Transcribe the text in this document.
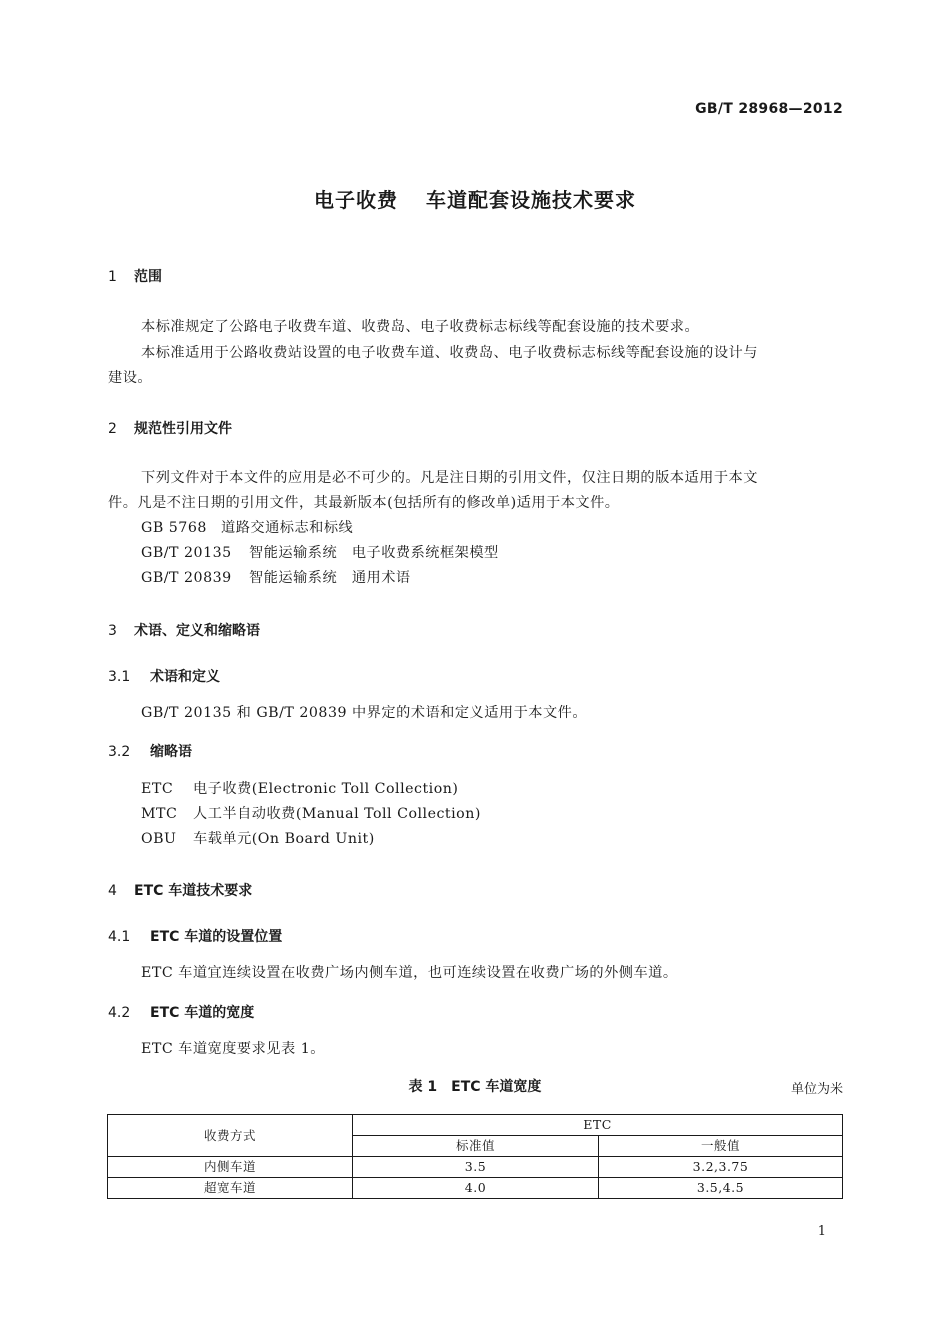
GB/T 28968—2012
电子收费 车道配套设施技术要求
1 范围
本标准规定了公路电子收费车道、收费岛、电子收费标志标线等配套设施的技术要求。
本标准适用于公路收费站设置的电子收费车道、收费岛、电子收费标志标线等配套设施的设计与
建设。
2 规范性引用文件
下列文件对于本文件的应用是必不可少的。凡是注日期的引用文件，仅注日期的版本适用于本文
件。凡是不注日期的引用文件，其最新版本(包括所有的修改单)适用于本文件。
GB 5768 道路交通标志和标线
GB/T 20135 智能运输系统　电子收费系统框架模型
GB/T 20839 智能运输系统　通用术语
3 术语、定义和缩略语
3.1 术语和定义
GB/T 20135 和 GB/T 20839 中界定的术语和定义适用于本文件。
3.2 缩略语
ETC 电子收费(Electronic Toll Collection)
MTC 人工半自动收费(Manual Toll Collection)
OBU 车载单元(On Board Unit)
4 ETC 车道技术要求
4.1 ETC 车道的设置位置
ETC 车道宜连续设置在收费广场内侧车道，也可连续设置在收费广场的外侧车道。
4.2 ETC 车道的宽度
ETC 车道宽度要求见表 1。
表 1　ETC 车道宽度	单位为米
收费方式	ETC	
	标准值	一般值
内侧车道	3.5	3.2,3.75
超宽车道	4.0	3.5,4.5
1
